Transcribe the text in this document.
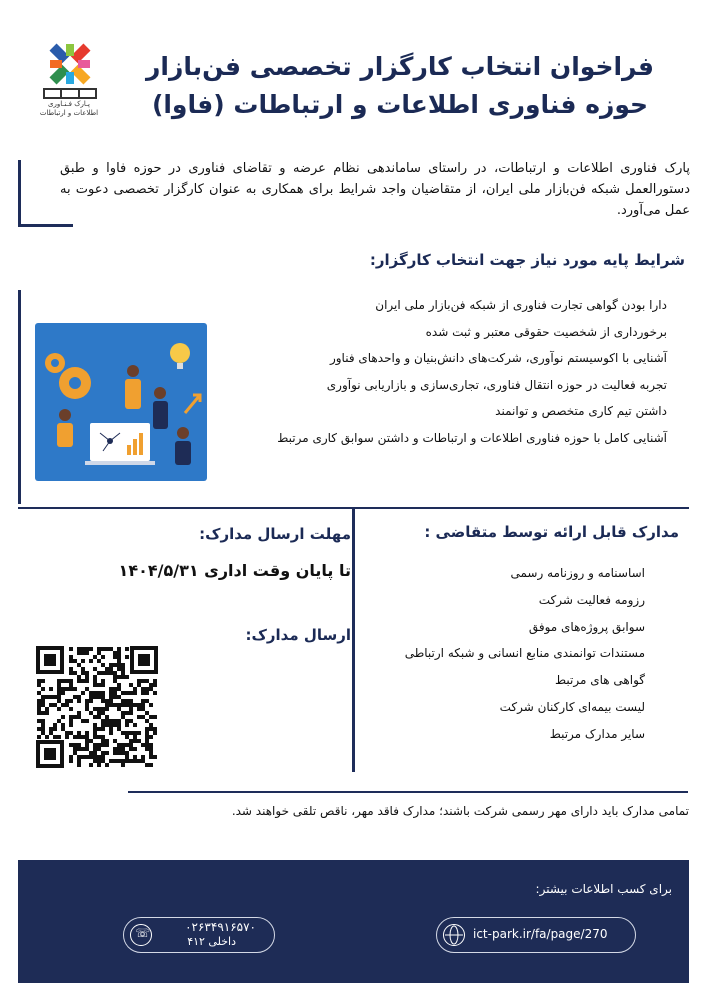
پـارک فـنـاوری
اطلاعات و ارتباطات
فراخوان انتخاب کارگزار تخصصی فن‌بازار
حوزه فناوری اطلاعات و ارتباطات (فاوا)
پارک فناوری اطلاعات و ارتباطات، در راستای ساماندهی نظام عرضه و تقاضای فناوری در حوزه فاوا و طبق دستورالعمل شبکه فن‌بازار ملی ایران، از متقاضیان واجد شرایط برای همکاری به عنوان کارگزار تخصصی دعوت به عمل می‌آورد.
شرایط پایه مورد نیاز جهت انتخاب کارگزار:
دارا بودن گواهی تجارت فناوری از شبکه فن‌بازار ملی ایران
برخورداری از شخصیت حقوقی معتبر و ثبت شده
آشنایی با اکوسیستم نوآوری، شرکت‌های دانش‌بنیان و واحدهای فناور
تجربه فعالیت در حوزه انتقال فناوری، تجاری‌سازی و بازاریابی نوآوری
داشتن تیم کاری متخصص و توانمند
آشنایی کامل با حوزه فناوری اطلاعات و ارتباطات و داشتن سوابق کاری مرتبط
مدارک قابل ارائه توسط متقاضی :
اساسنامه و روزنامه رسمی
رزومه فعالیت شرکت
سوابق پروژه‌های موفق
مستندات توانمندی منابع انسانی و شبکه ارتباطی
گواهی های مرتبط
لیست بیمه‌ای کارکنان شرکت
سایر مدارک مرتبط
مهلت ارسال مدارک:
تا پایان وقت اداری ۱۴۰۴/۵/۳۱
ارسال مدارک:
تمامی مدارک باید دارای مهر رسمی شرکت باشند؛ مدارک فاقد مهر، ناقص تلقی خواهند شد.
برای کسب اطلاعات بیشتر:
ict-park.ir/fa/page/270
☏	۰۲۶۳۴۹۱۶۵۷۰
داخلی ۴۱۲
